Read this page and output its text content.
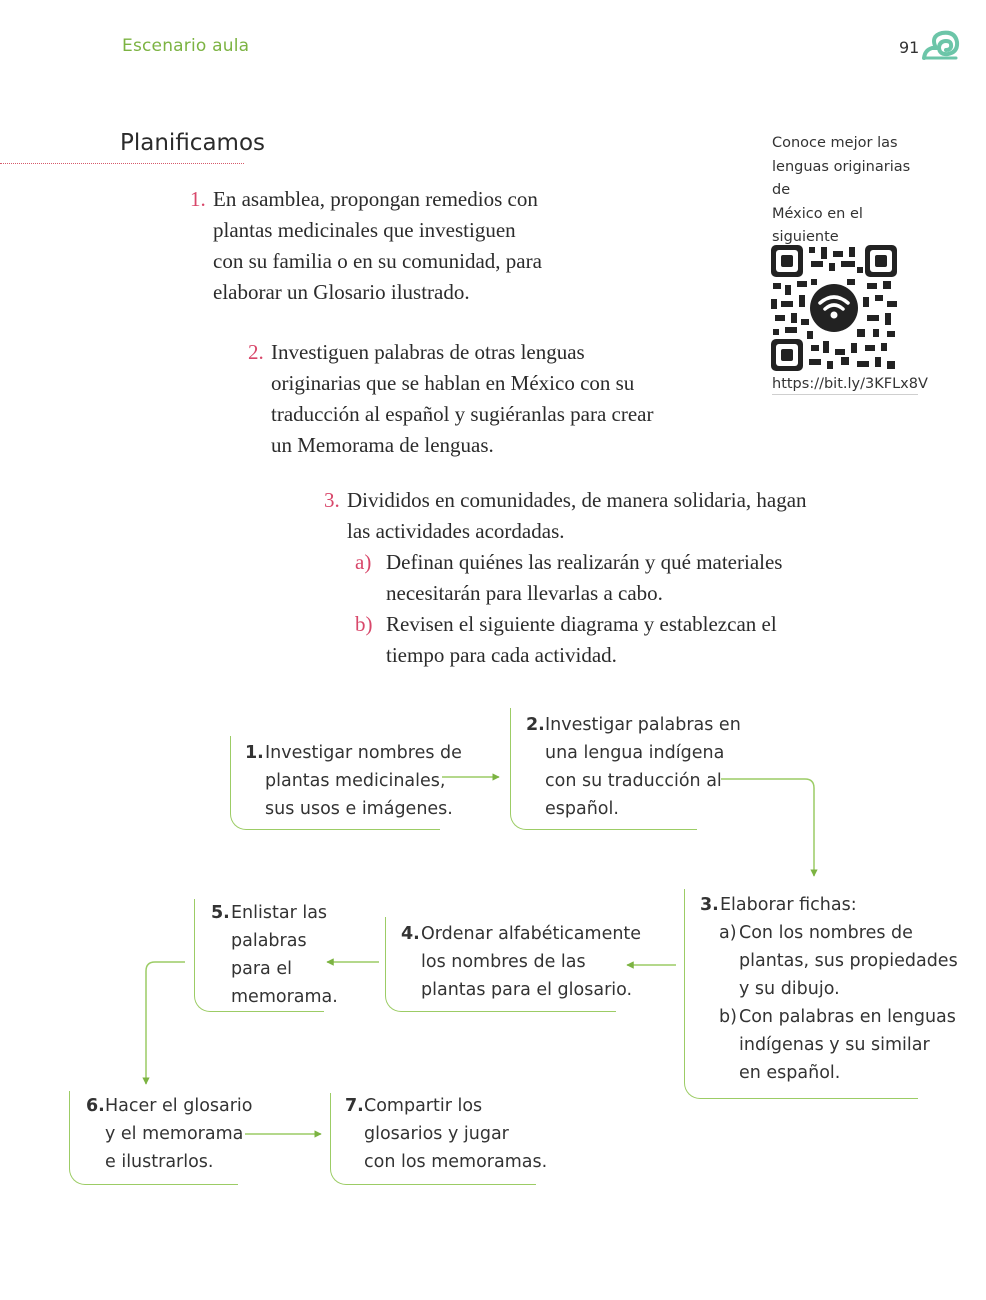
Escenario aula	91
Planificamos
1. En asamblea, propongan remedios con
plantas medicinales que investiguen
con su familia o en su comunidad, para
elaborar un Glosario ilustrado.
2. Investiguen palabras de otras lenguas
originarias que se hablan en México con su
traducción al español y sugiéranlas para crear
un Memorama de lenguas.
3. Divididos en comunidades, de manera solidaria, hagan
las actividades acordadas.
a) Definan quiénes las realizarán y qué materiales
necesitarán para llevarlas a cabo.
b) Revisen el siguiente diagrama y establezcan el
tiempo para cada actividad.
Conoce mejor las
lenguas originarias de
México en el siguiente
https://bit.ly/3KFLx8V
1. Investigar nombres de
plantas medicinales,
sus usos e imágenes.
2. Investigar palabras en
una lengua indígena
con su traducción al
español.
3. Elaborar fichas:
a) Con los nombres de
plantas, sus propiedades
y su dibujo.
b) Con palabras en lenguas
indígenas y su similar
en español.
4. Ordenar alfabéticamente
los nombres de las
plantas para el glosario.
5. Enlistar las
palabras
para el
memorama.
6. Hacer el glosario
y el memorama
e ilustrarlos.
7. Compartir los
glosarios y jugar
con los memoramas.
